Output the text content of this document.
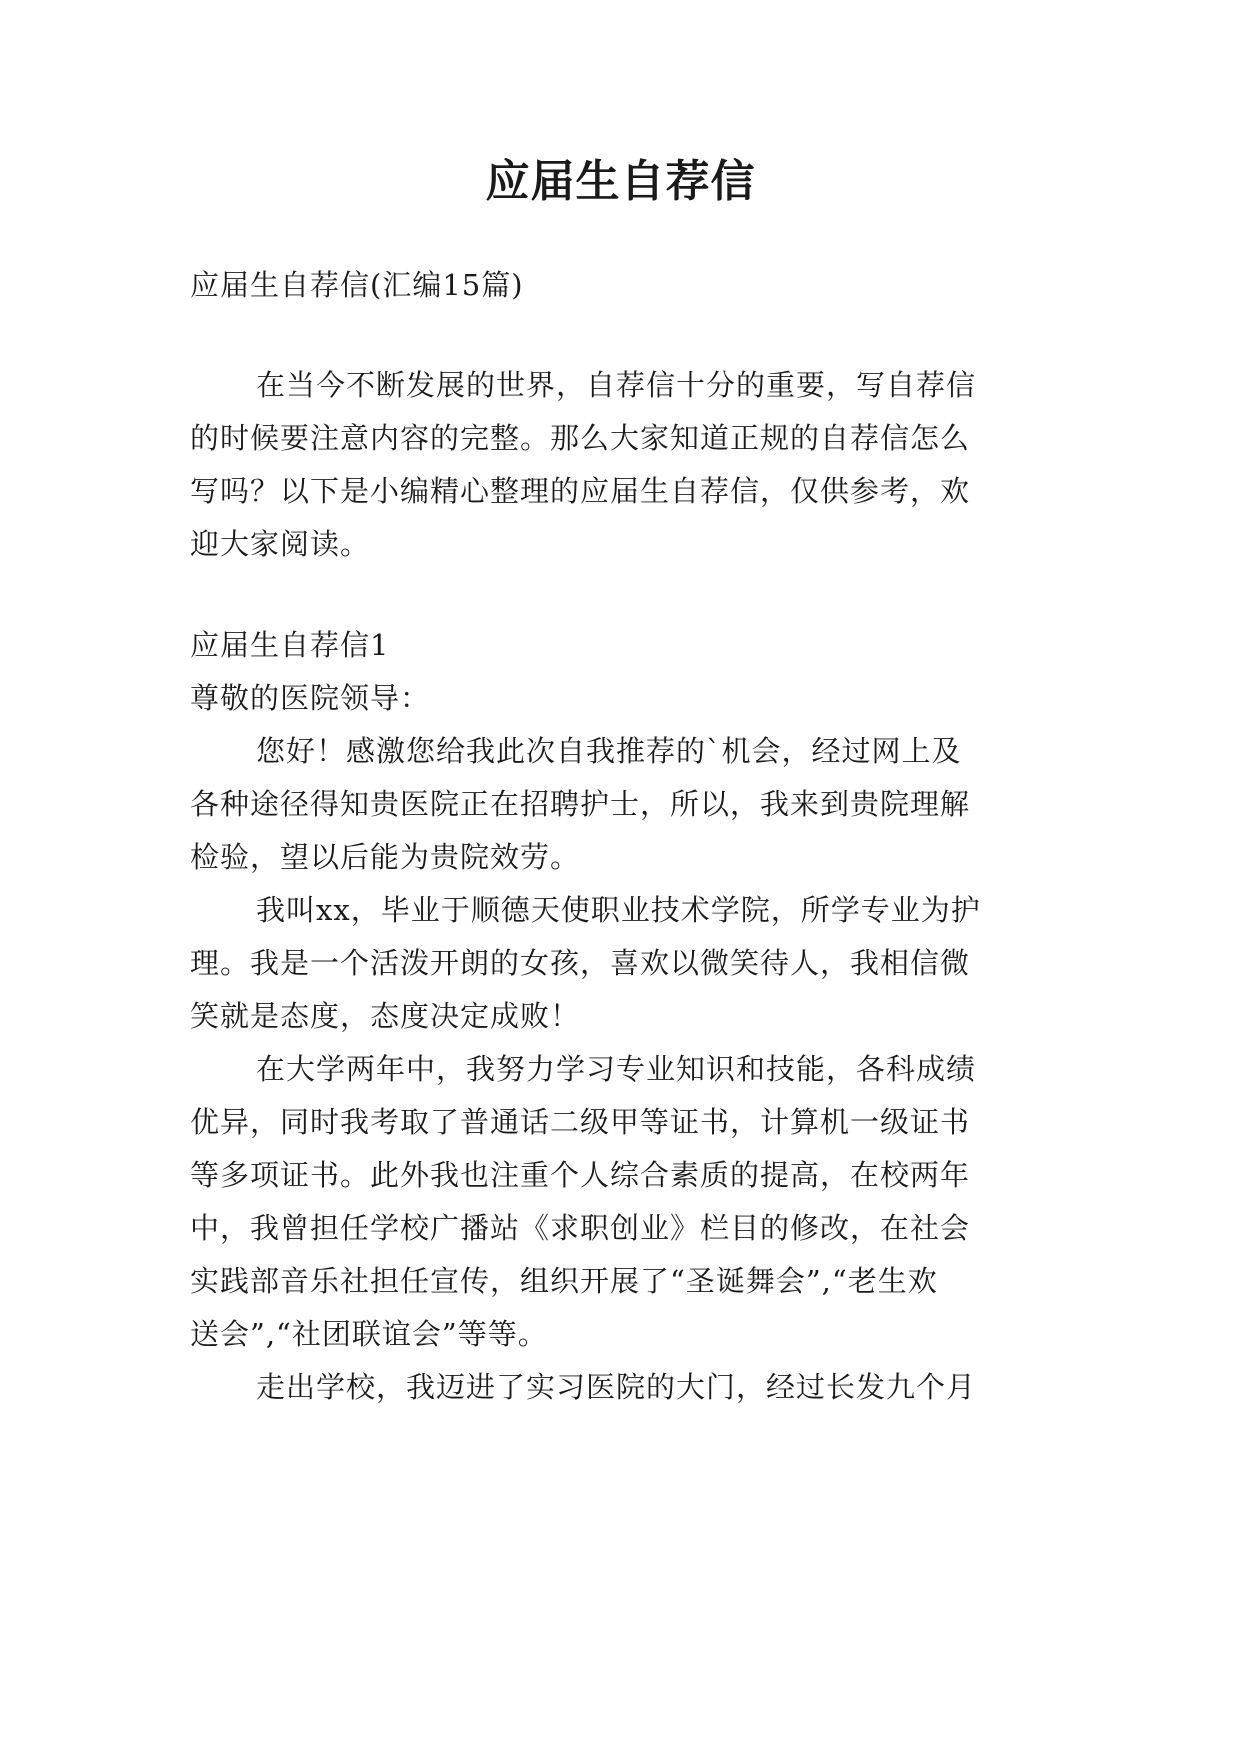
应届生自荐信
应届生自荐信(汇编15篇)
在当今不断发展的世界，自荐信十分的重要，写自荐信
的时候要注意内容的完整。那么大家知道正规的自荐信怎么
写吗？以下是小编精心整理的应届生自荐信，仅供参考，欢
迎大家阅读。
应届生自荐信1
尊敬的医院领导：
您好！感激您给我此次自我推荐的`机会，经过网上及
各种途径得知贵医院正在招聘护士，所以，我来到贵院理解
检验，望以后能为贵院效劳。
我叫xx，毕业于顺德天使职业技术学院，所学专业为护
理。我是一个活泼开朗的女孩，喜欢以微笑待人，我相信微
笑就是态度，态度决定成败！
在大学两年中，我努力学习专业知识和技能，各科成绩
优异，同时我考取了普通话二级甲等证书，计算机一级证书
等多项证书。此外我也注重个人综合素质的提高，在校两年
中，我曾担任学校广播站《求职创业》栏目的修改，在社会
实践部音乐社担任宣传，组织开展了“圣诞舞会”,“老生欢
送会”,“社团联谊会”等等。
走出学校，我迈进了实习医院的大门，经过长发九个月
